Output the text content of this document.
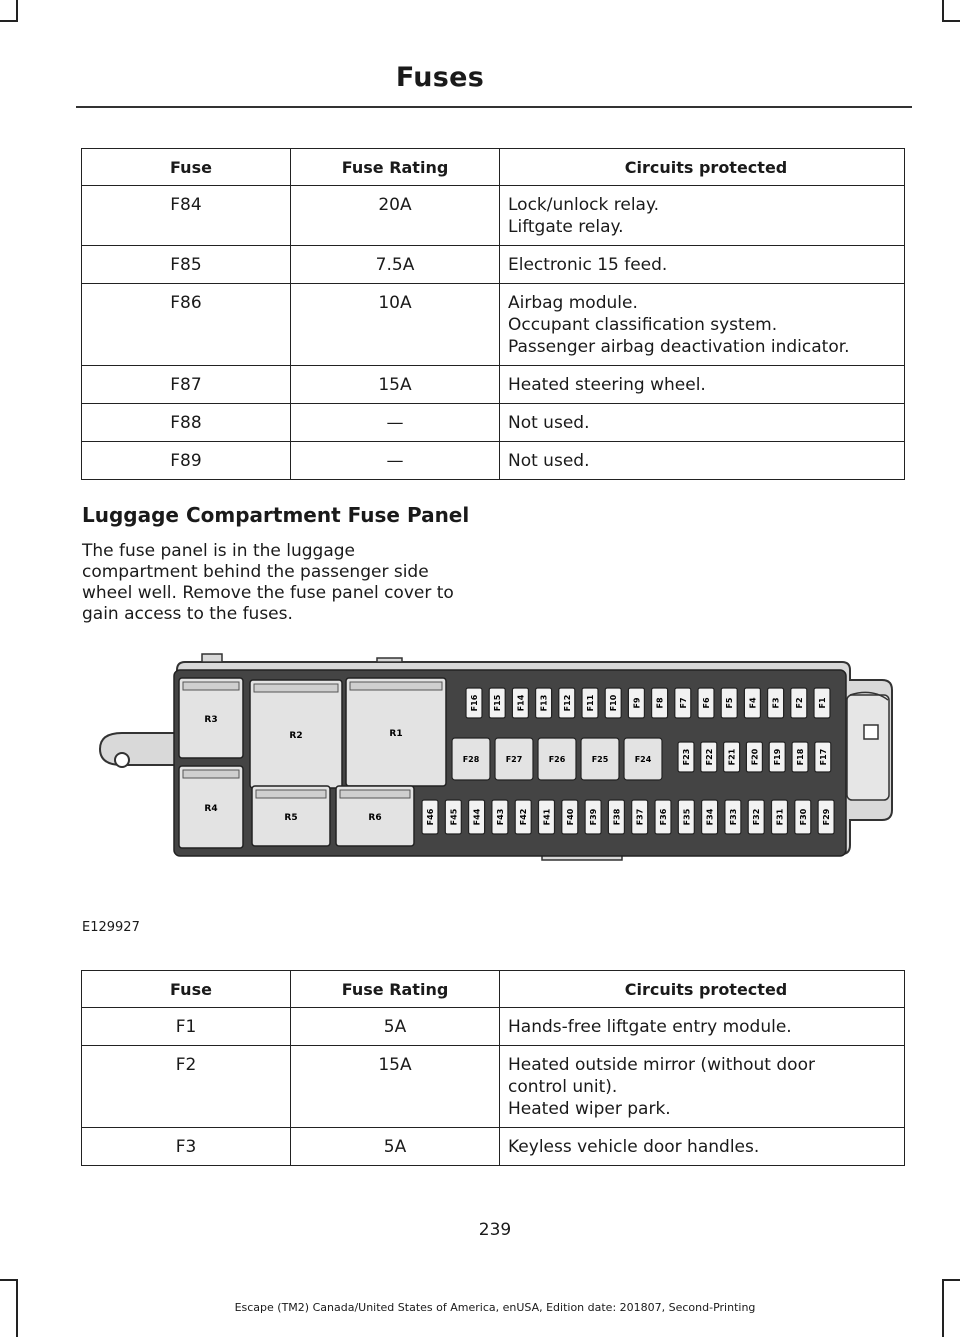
Fuses
Fuse	Fuse Rating	Circuits protected
F84	20A	Lock/unlock relay.
Liftgate relay.

F85	7.5A	Electronic 15 feed.

F86	10A	Airbag module.
Occupant classification system.
Passenger airbag deactivation indicator.

F87	15A	Heated steering wheel.

F88	—	Not used.

F89	—	Not used.
Luggage Compartment Fuse Panel
The fuse panel is in the luggage compartment behind the passenger side wheel well. Remove the fuse panel cover to gain access to the fuses.
R3
R2	R1
R4
R5	R6
F16 F15 F14 F13 F12 F11 F10 F9 F8 F7 F6 F5 F4 F3 F2 F1
F28	F27	F26	F25	F24	F23 F22 F21 F20 F19 F18 F17
F46 F45 F44 F43 F42 F41 F40 F39 F38 F37 F36 F35 F34 F33 F32 F31 F30 F29
E129927
Fuse	Fuse Rating	Circuits protected
F1	5A	Hands-free liftgate entry module.

F2	15A	Heated outside mirror (without door
control unit).
Heated wiper park.

F3	5A	Keyless vehicle door handles.
239
Escape (TM2) Canada/United States of America, enUSA, Edition date: 201807, Second-Printing
